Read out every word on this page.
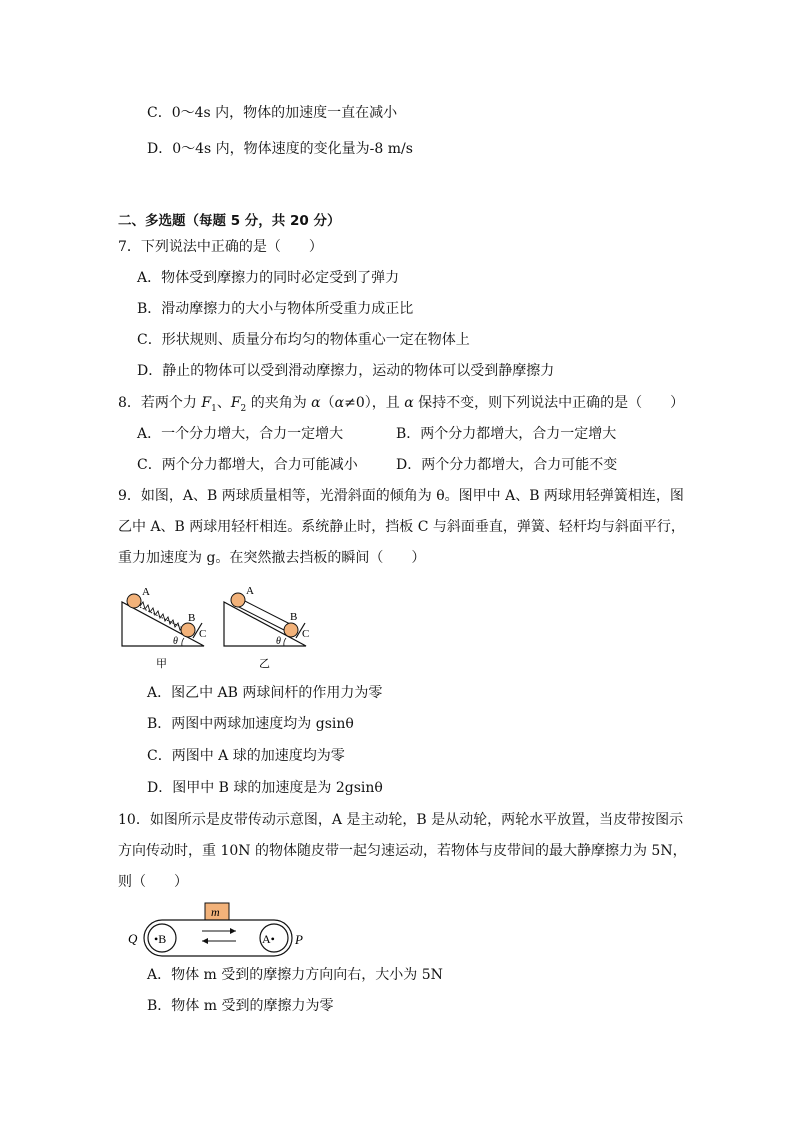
C．0～4s 内，物体的加速度一直在减小
D．0～4s 内，物体速度的变化量为-8 m/s
二、多选题（每题 5 分，共 20 分）
7．下列说法中正确的是（　　）
A．物体受到摩擦力的同时必定受到了弹力
B．滑动摩擦力的大小与物体所受重力成正比
C．形状规则、质量分布均匀的物体重心一定在物体上
D．静止的物体可以受到滑动摩擦力，运动的物体可以受到静摩擦力
8．若两个力 $F_1$、$F_2$ 的夹角为 α（α≠0），且 α 保持不变，则下列说法中正确的是（　　）
A．一个分力增大，合力一定增大	B．两个分力都增大，合力一定增大
C．两个分力都增大，合力可能减小	D．两个分力都增大，合力可能不变
9．如图，A、B 两球质量相等，光滑斜面的倾角为 θ。图甲中 A、B 两球用轻弹簧相连，图
乙中 A、B 两球用轻杆相连。系统静止时，挡板 C 与斜面垂直，弹簧、轻杆均与斜面平行，
重力加速度为 g。在突然撤去挡板的瞬间（　　）
A
B
C
θ
甲
A
B
C
θ
乙
A．图乙中 AB 两球间杆的作用力为零
B．两图中两球加速度均为 gsinθ
C．两图中 A 球的加速度均为零
D．图甲中 B 球的加速度是为 2gsinθ
10．如图所示是皮带传动示意图，A 是主动轮，B 是从动轮，两轮水平放置，当皮带按图示
方向传动时，重 10N 的物体随皮带一起匀速运动，若物体与皮带间的最大静摩擦力为 5N，
则（　　）
m
Q •B	A• P
A．物体 m 受到的摩擦力方向向右，大小为 5N
B．物体 m 受到的摩擦力为零
